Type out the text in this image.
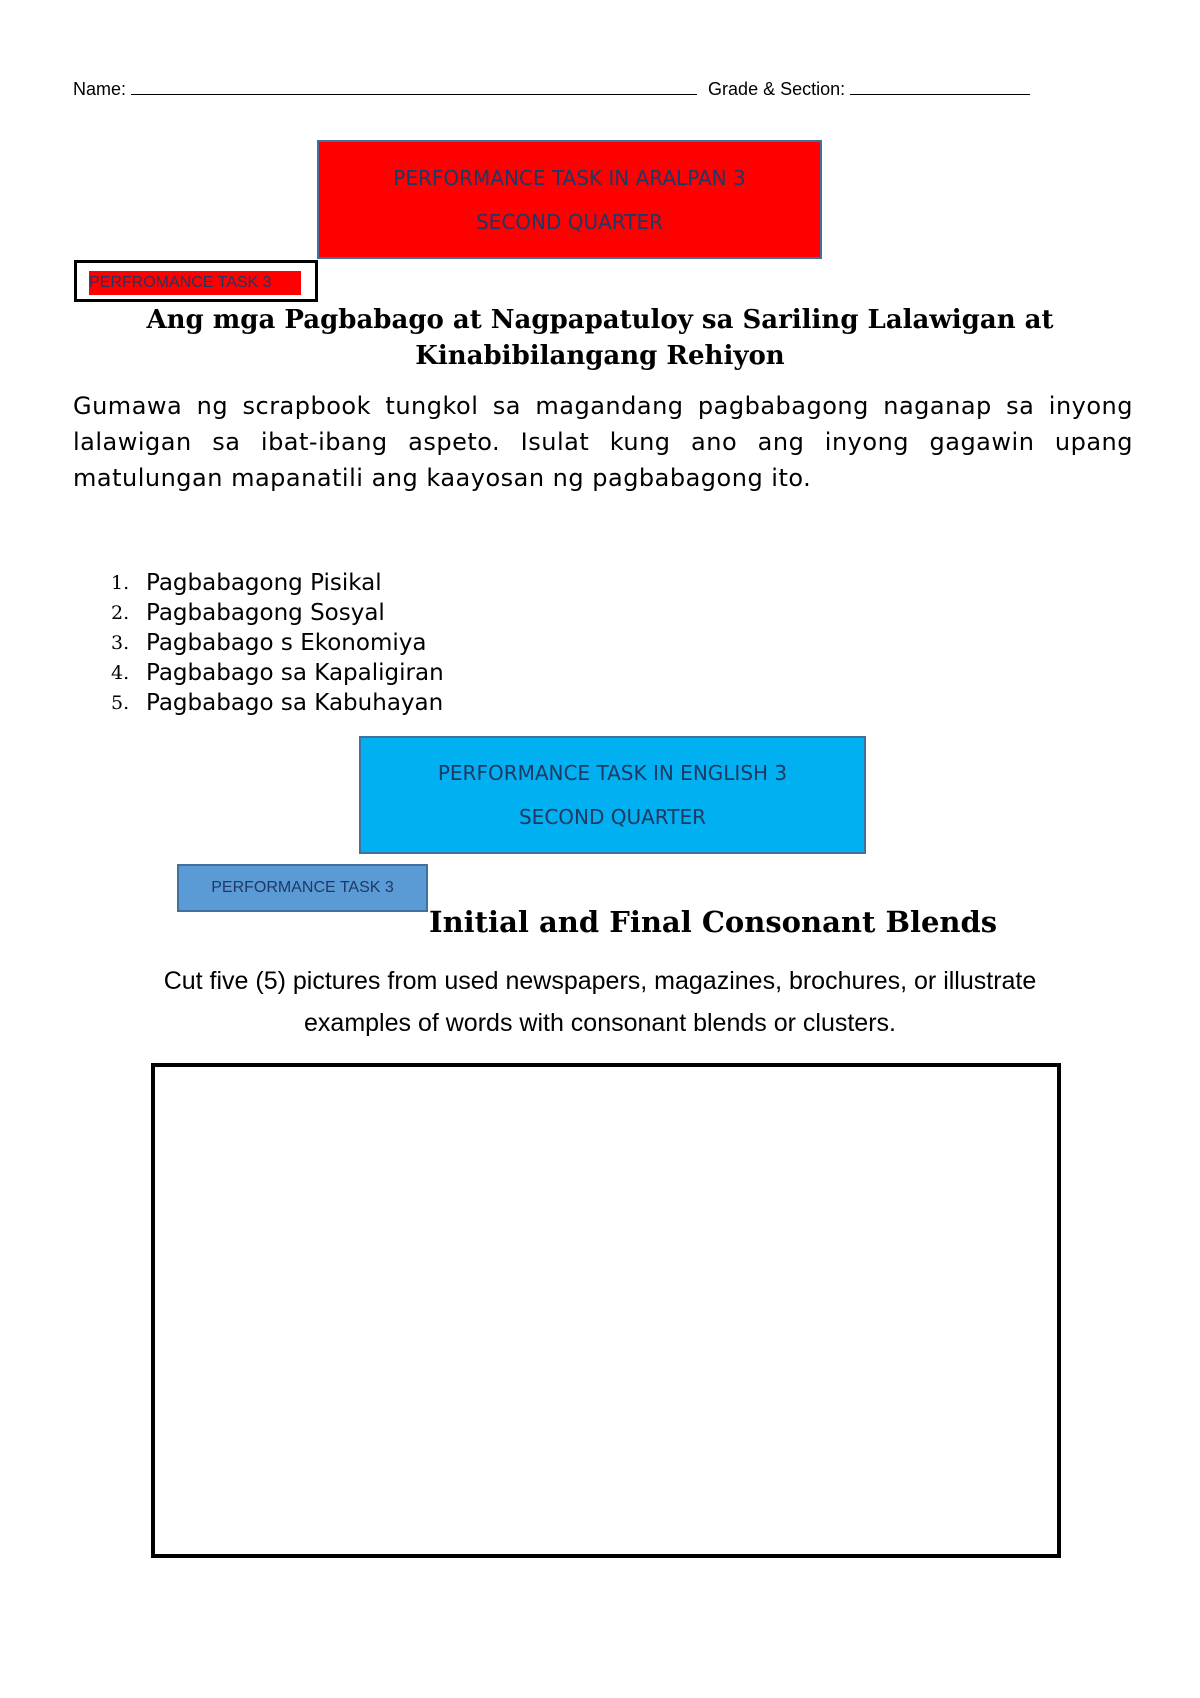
Name:	Grade & Section:
PERFORMANCE TASK IN ARALPAN 3
SECOND QUARTER
PERFROMANCE TASK 3
Ang mga Pagbabago at Nagpapatuloy sa Sariling Lalawigan at Kinabibilangang Rehiyon
Gumawa ng scrapbook tungkol sa magandang pagbabagong naganap sa inyong lalawigan sa ibat-ibang aspeto. Isulat kung ano ang inyong gagawin upang matulungan mapanatili ang kaayosan ng pagbabagong ito.
1. Pagbabagong Pisikal
2. Pagbabagong Sosyal
3. Pagbabago s Ekonomiya
4. Pagbabago sa Kapaligiran
5. Pagbabago sa Kabuhayan
PERFORMANCE TASK IN ENGLISH 3
SECOND QUARTER
PERFORMANCE TASK 3
Initial and Final Consonant Blends
Cut five (5) pictures from used newspapers, magazines, brochures, or illustrate
examples of words with consonant blends or clusters.
